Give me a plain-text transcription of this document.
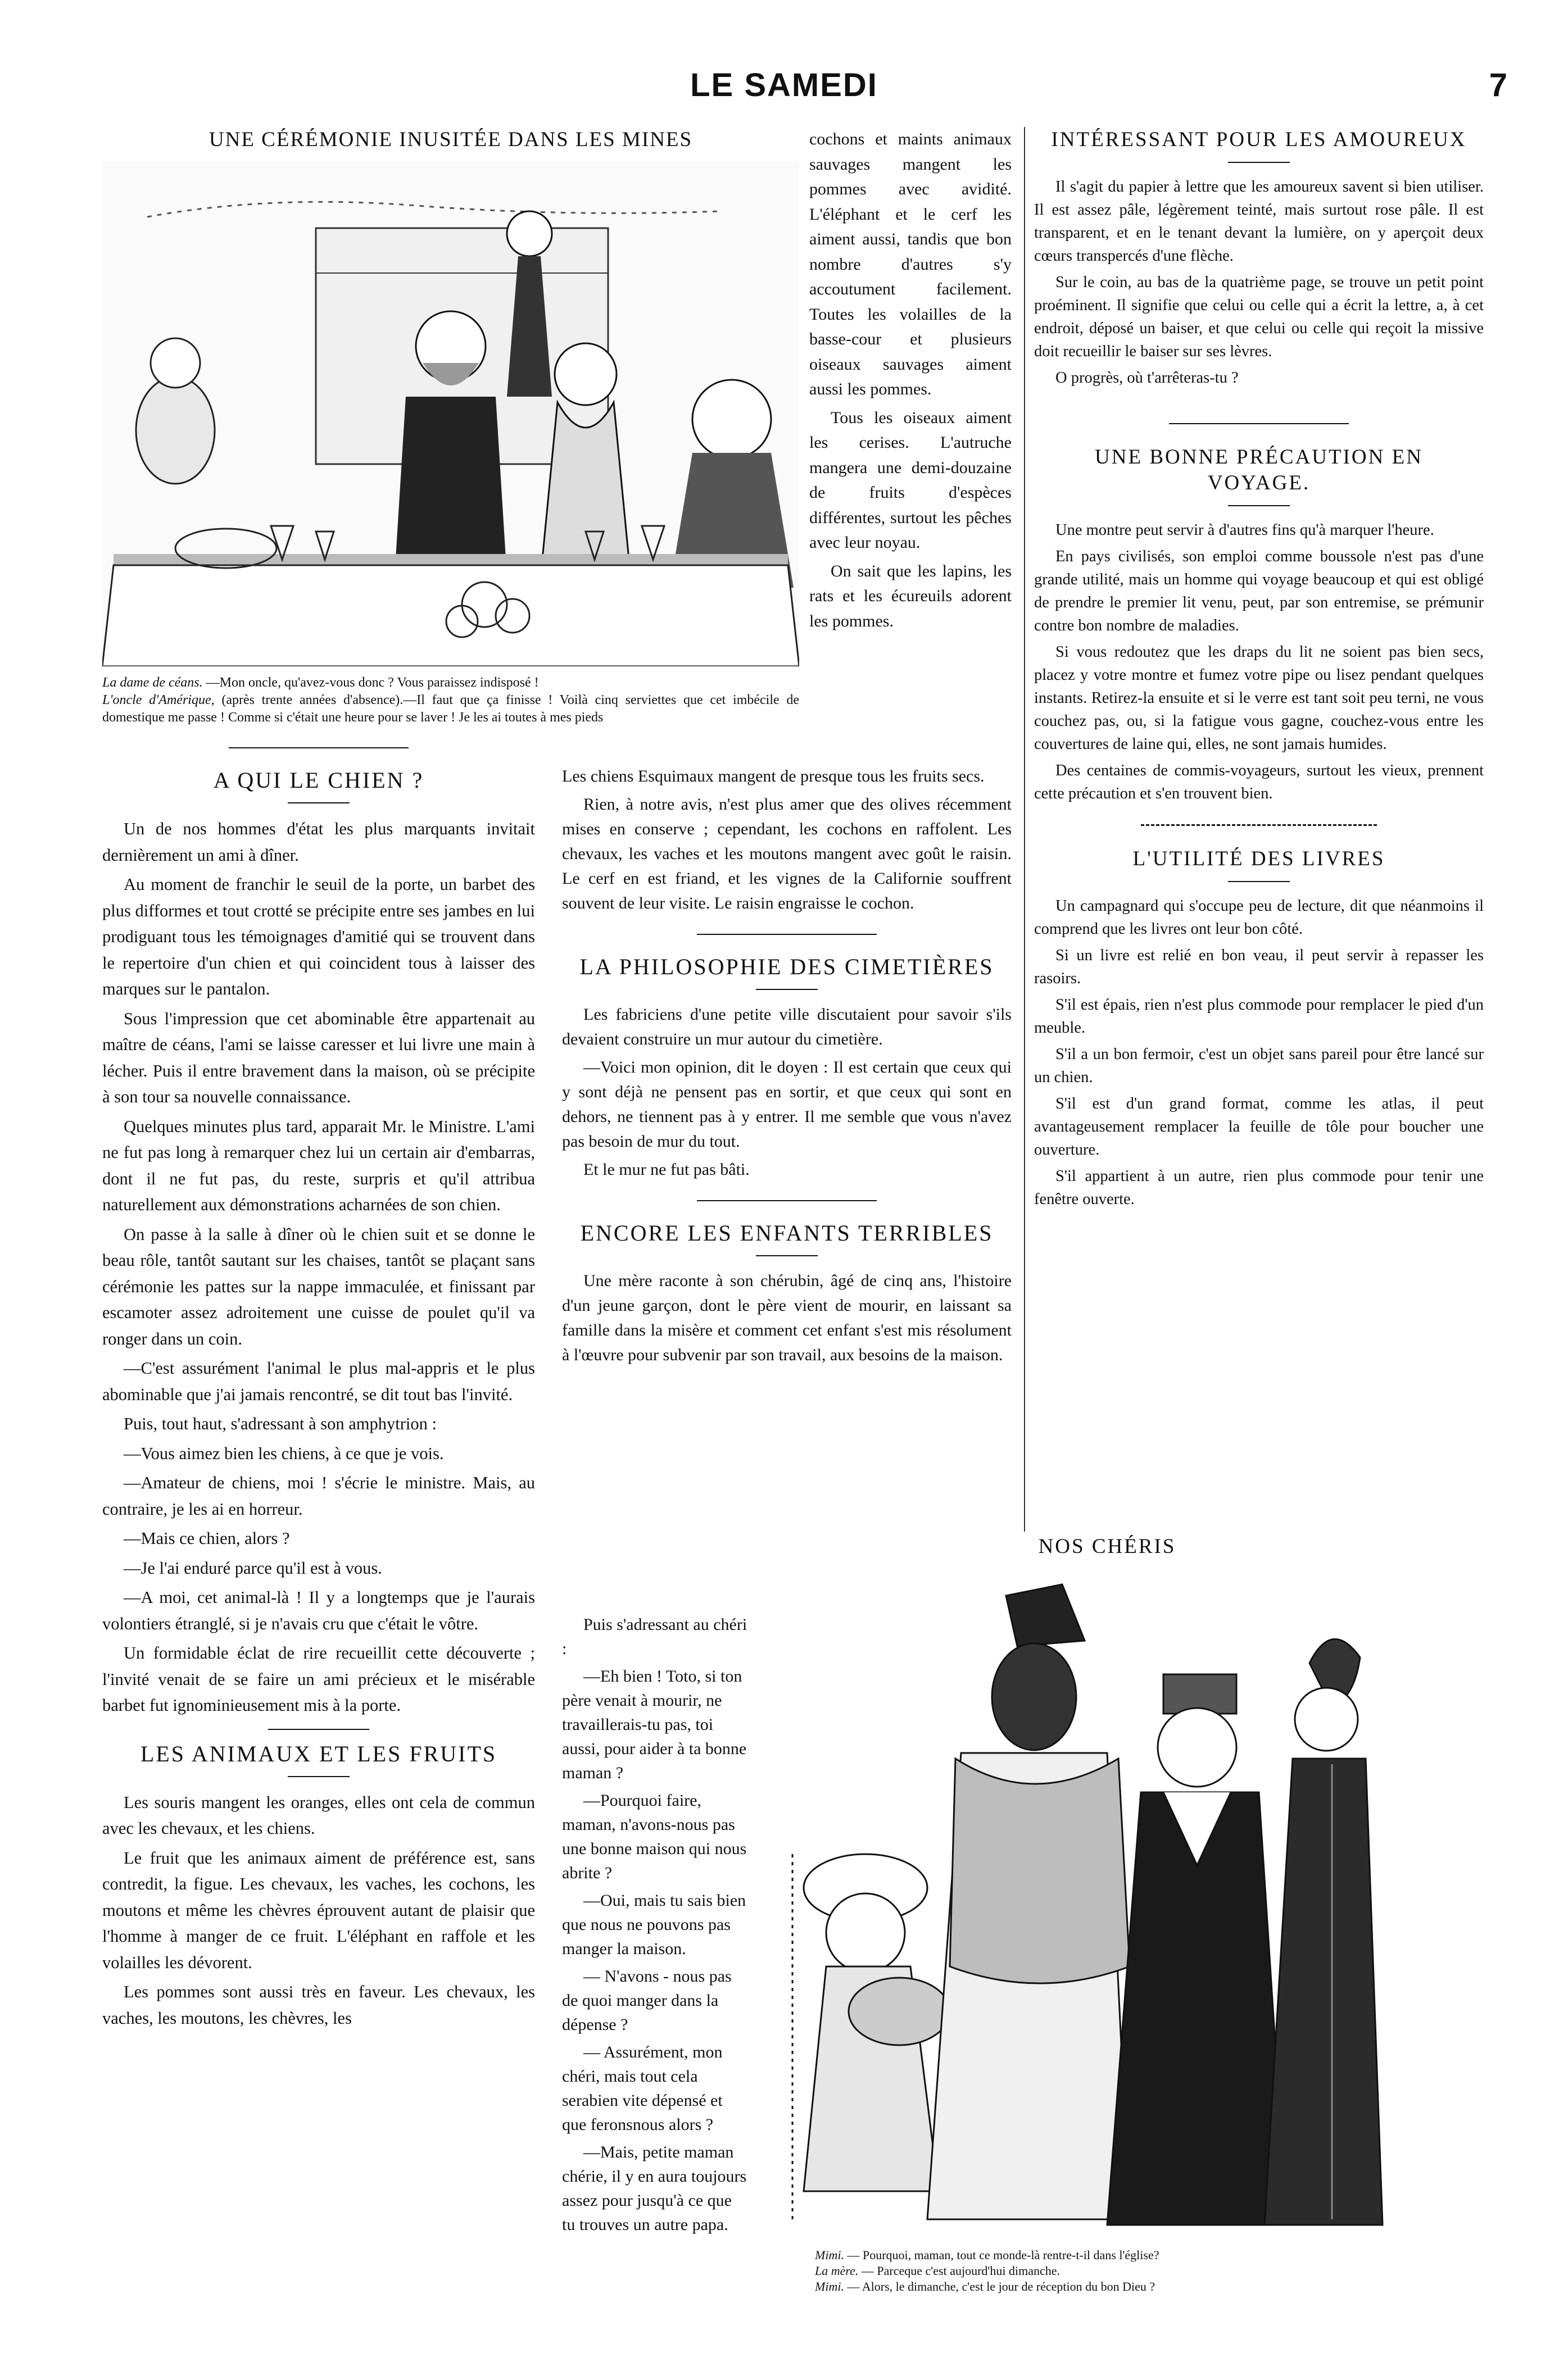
LE SAMEDI	7
UNE CÉRÉMONIE INUSITÉE DANS LES MINES
La dame de céans. —Mon oncle, qu'avez-vous donc ? Vous paraissez indisposé !
L'oncle d'Amérique, (après trente années d'absence).—Il faut que ça finisse ! Voilà cinq serviettes que cet imbécile de domestique me passe ! Comme si c'était une heure pour se laver ! Je les ai toutes à mes pieds
A QUI LE CHIEN ?

Un de nos hommes d'état les plus marquants invitait dernièrement un ami à dîner.

Au moment de franchir le seuil de la porte, un barbet des plus difformes et tout crotté se précipite entre ses jambes en lui prodiguant tous les témoignages d'amitié qui se trouvent dans le repertoire d'un chien et qui coincident tous à laisser des marques sur le pantalon.

Sous l'impression que cet abominable être appartenait au maître de céans, l'ami se laisse caresser et lui livre une main à lécher. Puis il entre bravement dans la maison, où se précipite à son tour sa nouvelle connaissance.

Quelques minutes plus tard, apparait Mr. le Ministre. L'ami ne fut pas long à remarquer chez lui un certain air d'embarras, dont il ne fut pas, du reste, surpris et qu'il attribua naturellement aux démonstrations acharnées de son chien.

On passe à la salle à dîner où le chien suit et se donne le beau rôle, tantôt sautant sur les chaises, tantôt se plaçant sans cérémonie les pattes sur la nappe immaculée, et finissant par escamoter assez adroitement une cuisse de poulet qu'il va ronger dans un coin.

—C'est assurément l'animal le plus mal-appris et le plus abominable que j'ai jamais rencontré, se dit tout bas l'invité.

Puis, tout haut, s'adressant à son amphytrion :

—Vous aimez bien les chiens, à ce que je vois.

—Amateur de chiens, moi ! s'écrie le ministre. Mais, au contraire, je les ai en horreur.

—Mais ce chien, alors ?

—Je l'ai enduré parce qu'il est à vous.

—A moi, cet animal-là ! Il y a longtemps que je l'aurais volontiers étranglé, si je n'avais cru que c'était le vôtre.

Un formidable éclat de rire recueillit cette découverte ; l'invité venait de se faire un ami précieux et le misérable barbet fut ignominieusement mis à la porte.

LES ANIMAUX ET LES FRUITS

Les souris mangent les oranges, elles ont cela de commun avec les chevaux, et les chiens.

Le fruit que les animaux aiment de préférence est, sans contredit, la figue. Les chevaux, les vaches, les cochons, les moutons et même les chèvres éprouvent autant de plaisir que l'homme à manger de ce fruit. L'éléphant en raffole et les volailles les dévorent.

Les pommes sont aussi très en faveur. Les chevaux, les vaches, les moutons, les chèvres, les

cochons et maints animaux sauvages mangent les pommes avec avidité. L'éléphant et le cerf les aiment aussi, tandis que bon nombre d'autres s'y accoutument facilement. Toutes les volailles de la basse-cour et plusieurs oiseaux sauvages aiment aussi les pommes.

Tous les oiseaux aiment les cerises. L'autruche mangera une demi-douzaine de fruits d'espèces différentes, surtout les pêches avec leur noyau.

On sait que les lapins, les rats et les écureuils adorent les pommes.

Les chiens Esquimaux mangent de presque tous les fruits secs.

Rien, à notre avis, n'est plus amer que des olives récemment mises en conserve ; cependant, les cochons en raffolent. Les chevaux, les vaches et les moutons mangent avec goût le raisin. Le cerf en est friand, et les vignes de la Californie souffrent souvent de leur visite. Le raisin engraisse le cochon.

LA PHILOSOPHIE DES CIMETIÈRES

Les fabriciens d'une petite ville discutaient pour savoir s'ils devaient construire un mur autour du cimetière.

—Voici mon opinion, dit le doyen : Il est certain que ceux qui y sont déjà ne pensent pas en sortir, et que ceux qui sont en dehors, ne tiennent pas à y entrer. Il me semble que vous n'avez pas besoin de mur du tout.

Et le mur ne fut pas bâti.

ENCORE LES ENFANTS TERRIBLES

Une mère raconte à son chérubin, âgé de cinq ans, l'histoire d'un jeune garçon, dont le père vient de mourir, en laissant sa famille dans la misère et comment cet enfant s'est mis résolument à l'œuvre pour subvenir par son travail, aux besoins de la maison.

Puis s'adressant au chéri :

—Eh bien ! Toto, si ton père venait à mourir, ne travaillerais-tu pas, toi aussi, pour aider à ta bonne maman ?

—Pourquoi faire, maman, n'avons-nous pas une bonne maison qui nous abrite ?

—Oui, mais tu sais bien que nous ne pouvons pas manger la maison.

— N'avons - nous pas de quoi manger dans la dépense ?

— Assurément, mon chéri, mais tout cela serabien vite dépensé et que feronsnous alors ?

—Mais, petite maman chérie, il y en aura toujours assez pour jusqu'à ce que tu trouves un autre papa.

INTÉRESSANT POUR LES AMOUREUX

Il s'agit du papier à lettre que les amoureux savent si bien utiliser. Il est assez pâle, légèrement teinté, mais surtout rose pâle. Il est transparent, et en le tenant devant la lumière, on y aperçoit deux cœurs transpercés d'une flèche.

Sur le coin, au bas de la quatrième page, se trouve un petit point proéminent. Il signifie que celui ou celle qui a écrit la lettre, a, à cet endroit, déposé un baiser, et que celui ou celle qui reçoit la missive doit recueillir le baiser sur ses lèvres.

O progrès, où t'arrêteras-tu ?

UNE BONNE PRÉCAUTION EN VOYAGE.

Une montre peut servir à d'autres fins qu'à marquer l'heure.

En pays civilisés, son emploi comme boussole n'est pas d'une grande utilité, mais un homme qui voyage beaucoup et qui est obligé de prendre le premier lit venu, peut, par son entremise, se prémunir contre bon nombre de maladies.

Si vous redoutez que les draps du lit ne soient pas bien secs, placez y votre montre et fumez votre pipe ou lisez pendant quelques instants. Retirez-la ensuite et si le verre est tant soit peu terni, ne vous couchez pas, ou, si la fatigue vous gagne, couchez-vous entre les couvertures de laine qui, elles, ne sont jamais humides.

Des centaines de commis-voyageurs, surtout les vieux, prennent cette précaution et s'en trouvent bien.

L'UTILITÉ DES LIVRES

Un campagnard qui s'occupe peu de lecture, dit que néanmoins il comprend que les livres ont leur bon côté.

Si un livre est relié en bon veau, il peut servir à repasser les rasoirs.

S'il est épais, rien n'est plus commode pour remplacer le pied d'un meuble.

S'il a un bon fermoir, c'est un objet sans pareil pour être lancé sur un chien.

S'il est d'un grand format, comme les atlas, il peut avantageusement remplacer la feuille de tôle pour boucher une ouverture.

S'il appartient à un autre, rien plus commode pour tenir une fenêtre ouverte.

NOS CHÉRIS
Mimi. — Pourquoi, maman, tout ce monde-là rentre-t-il dans l'église?
La mère. — Parceque c'est aujourd'hui dimanche.
Mimi. — Alors, le dimanche, c'est le jour de réception du bon Dieu ?
